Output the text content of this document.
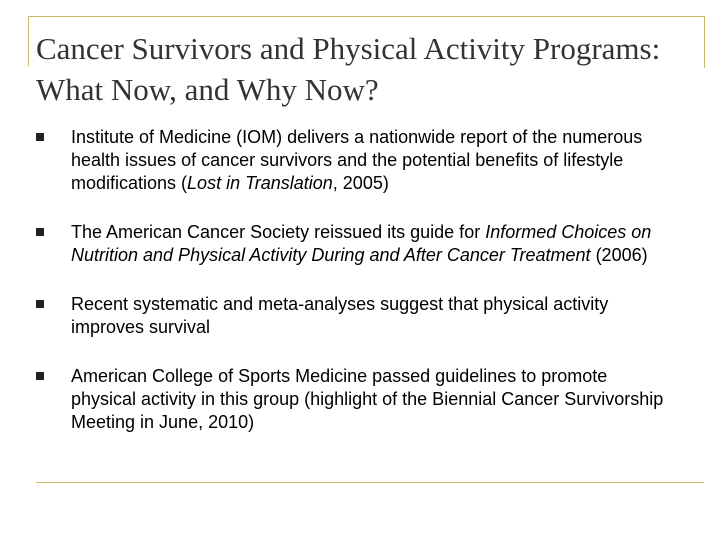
Cancer Survivors and Physical Activity Programs: What Now, and Why Now?
Institute of Medicine (IOM) delivers a nationwide report of the numerous health issues of cancer survivors and the potential benefits of lifestyle modifications (Lost in Translation, 2005)
The American Cancer Society reissued its guide for Informed Choices on Nutrition and Physical Activity During and After Cancer Treatment (2006)
Recent systematic and meta-analyses suggest that physical activity improves survival
American College of Sports Medicine passed guidelines to promote physical activity in this group (highlight of the Biennial Cancer Survivorship Meeting in June, 2010)
